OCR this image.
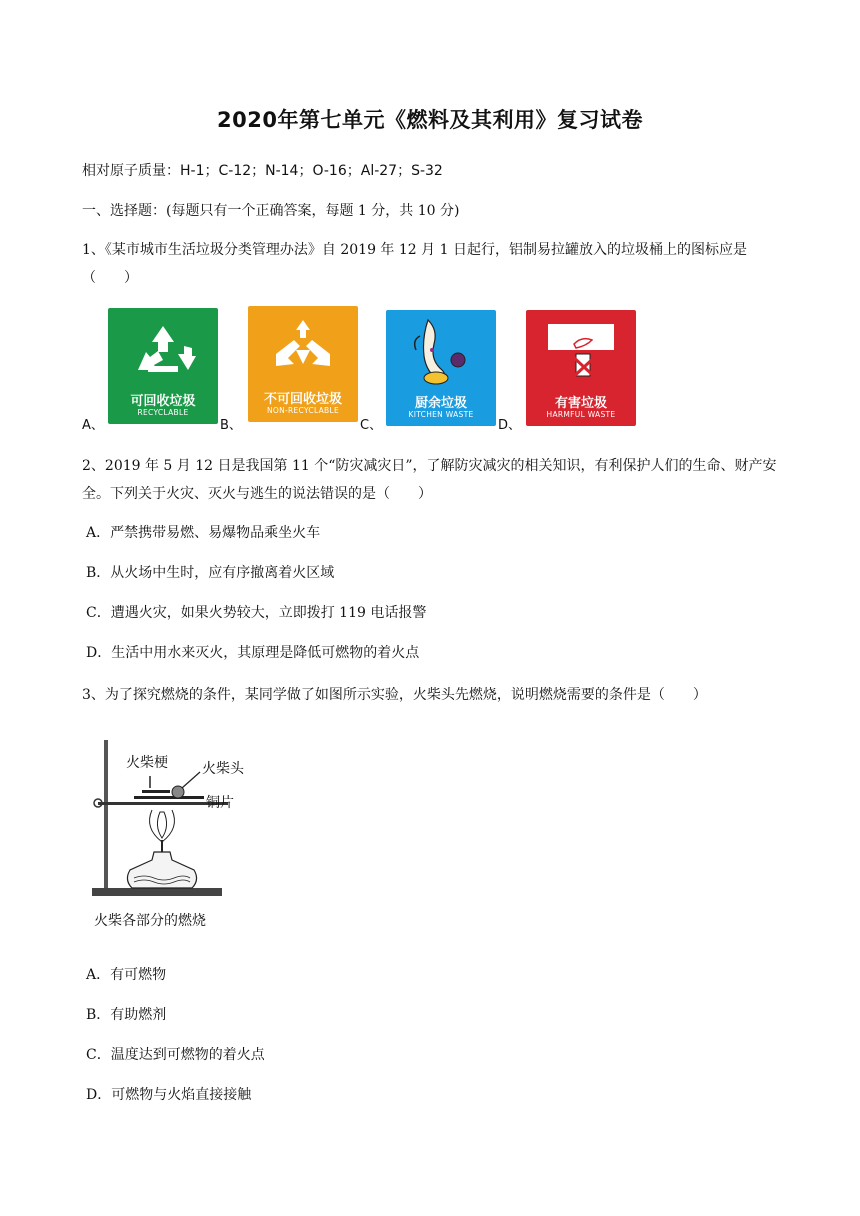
2020年第七单元《燃料及其利用》复习试卷
相对原子质量：H-1；C-12；N-14；O-16；Al-27；S-32
一、选择题：(每题只有一个正确答案，每题 1 分，共 10 分)
1、《某市城市生活垃圾分类管理办法》自 2019 年 12 月 1 日起行，铝制易拉罐放入的垃圾桶上的图标应是（　　）
A、
可回收垃圾
RECYCLABLE
B、
不可回收垃圾
NON-RECYCLABLE
C、
厨余垃圾
KITCHEN WASTE
D、
有害垃圾
HARMFUL WASTE
2、2019 年 5 月 12 日是我国第 11 个“防灾减灾日”，了解防灾减灾的相关知识，有利保护人们的生命、财产安全。下列关于火灾、灭火与逃生的说法错误的是（　　）
A．严禁携带易燃、易爆物品乘坐火车
B．从火场中生时，应有序撤离着火区域
C．遭遇火灾，如果火势较大，立即拨打 119 电话报警
D．生活中用水来灭火，其原理是降低可燃物的着火点
3、为了探究燃烧的条件，某同学做了如图所示实验，火柴头先燃烧，说明燃烧需要的条件是（　　）
火柴梗 火柴头
铜片
火柴各部分的燃烧
A．有可燃物
B．有助燃剂
C．温度达到可燃物的着火点
D．可燃物与火焰直接接触
